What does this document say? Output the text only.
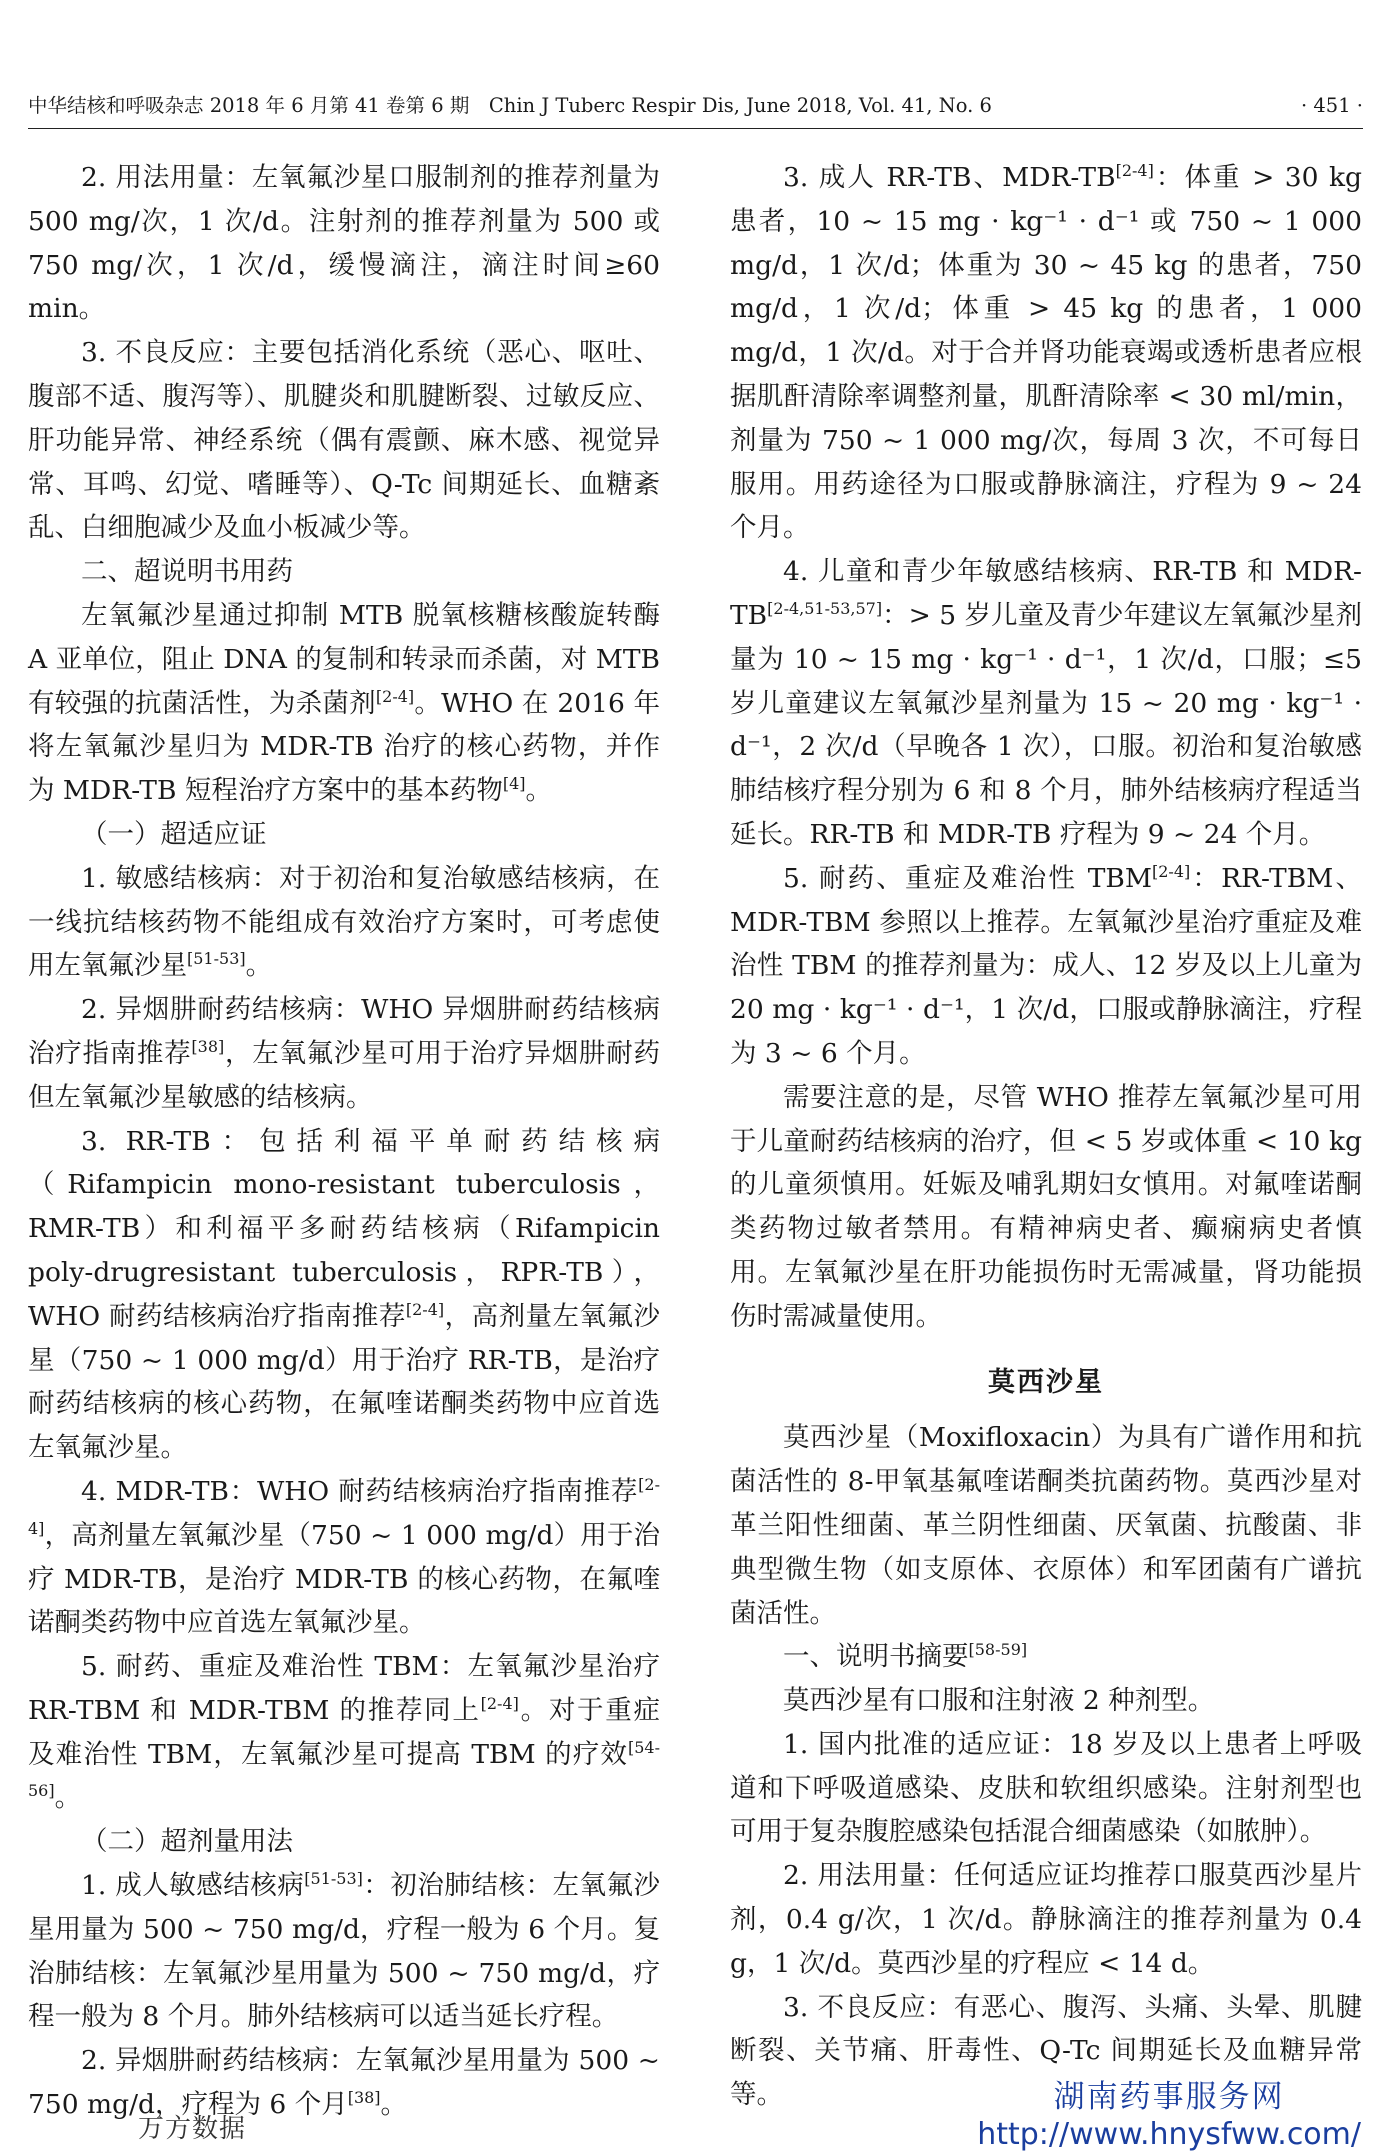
中华结核和呼吸杂志 2018 年 6 月第 41 卷第 6 期　Chin J Tuberc Respir Dis, June 2018, Vol. 41, No. 6	· 451 ·

2. 用法用量：左氧氟沙星口服制剂的推荐剂量为 500 mg/次，1 次/d。注射剂的推荐剂量为 500 或 750 mg/次，1 次/d，缓慢滴注，滴注时间≥60 min。

3. 不良反应：主要包括消化系统（恶心、呕吐、腹部不适、腹泻等）、肌腱炎和肌腱断裂、过敏反应、肝功能异常、神经系统（偶有震颤、麻木感、视觉异常、耳鸣、幻觉、嗜睡等）、Q-Tc 间期延长、血糖紊乱、白细胞减少及血小板减少等。

二、超说明书用药

左氧氟沙星通过抑制 MTB 脱氧核糖核酸旋转酶 A 亚单位，阻止 DNA 的复制和转录而杀菌，对 MTB 有较强的抗菌活性，为杀菌剂[2-4]。WHO 在 2016 年将左氧氟沙星归为 MDR-TB 治疗的核心药物，并作为 MDR-TB 短程治疗方案中的基本药物[4]。

（一）超适应证

1. 敏感结核病：对于初治和复治敏感结核病，在一线抗结核药物不能组成有效治疗方案时，可考虑使用左氧氟沙星[51-53]。

2. 异烟肼耐药结核病：WHO 异烟肼耐药结核病治疗指南推荐[38]，左氧氟沙星可用于治疗异烟肼耐药但左氧氟沙星敏感的结核病。

3. RR-TB：包括利福平单耐药结核病（Rifampicin mono-resistant tuberculosis，RMR-TB）和利福平多耐药结核病（Rifampicin poly-drugresistant tuberculosis，RPR-TB），WHO 耐药结核病治疗指南推荐[2-4]，高剂量左氧氟沙星（750 ~ 1 000 mg/d）用于治疗 RR-TB，是治疗耐药结核病的核心药物，在氟喹诺酮类药物中应首选左氧氟沙星。

4. MDR-TB：WHO 耐药结核病治疗指南推荐[2-4]，高剂量左氧氟沙星（750 ~ 1 000 mg/d）用于治疗 MDR-TB，是治疗 MDR-TB 的核心药物，在氟喹诺酮类药物中应首选左氧氟沙星。

5. 耐药、重症及难治性 TBM：左氧氟沙星治疗 RR-TBM 和 MDR-TBM 的推荐同上[2-4]。对于重症及难治性 TBM，左氧氟沙星可提高 TBM 的疗效[54-56]。

（二）超剂量用法

1. 成人敏感结核病[51-53]：初治肺结核：左氧氟沙星用量为 500 ~ 750 mg/d，疗程一般为 6 个月。复治肺结核：左氧氟沙星用量为 500 ~ 750 mg/d，疗程一般为 8 个月。肺外结核病可以适当延长疗程。

2. 异烟肼耐药结核病：左氧氟沙星用量为 500 ~ 750 mg/d，疗程为 6 个月[38]。

3. 成人 RR-TB、MDR-TB[2-4]：体重 > 30 kg 患者，10 ~ 15 mg · kg⁻¹ · d⁻¹ 或 750 ~ 1 000 mg/d，1 次/d；体重为 30 ~ 45 kg 的患者，750 mg/d，1 次/d；体重 > 45 kg 的患者，1 000 mg/d，1 次/d。对于合并肾功能衰竭或透析患者应根据肌酐清除率调整剂量，肌酐清除率 < 30 ml/min，剂量为 750 ~ 1 000 mg/次，每周 3 次，不可每日服用。用药途径为口服或静脉滴注，疗程为 9 ~ 24 个月。

4. 儿童和青少年敏感结核病、RR-TB 和 MDR-TB[2-4,51-53,57]：> 5 岁儿童及青少年建议左氧氟沙星剂量为 10 ~ 15 mg · kg⁻¹ · d⁻¹，1 次/d，口服；≤5 岁儿童建议左氧氟沙星剂量为 15 ~ 20 mg · kg⁻¹ · d⁻¹，2 次/d（早晚各 1 次），口服。初治和复治敏感肺结核疗程分别为 6 和 8 个月，肺外结核病疗程适当延长。RR-TB 和 MDR-TB 疗程为 9 ~ 24 个月。

5. 耐药、重症及难治性 TBM[2-4]：RR-TBM、MDR-TBM 参照以上推荐。左氧氟沙星治疗重症及难治性 TBM 的推荐剂量为：成人、12 岁及以上儿童为 20 mg · kg⁻¹ · d⁻¹，1 次/d，口服或静脉滴注，疗程为 3 ~ 6 个月。

需要注意的是，尽管 WHO 推荐左氧氟沙星可用于儿童耐药结核病的治疗，但 < 5 岁或体重 < 10 kg 的儿童须慎用。妊娠及哺乳期妇女慎用。对氟喹诺酮类药物过敏者禁用。有精神病史者、癫痫病史者慎用。左氧氟沙星在肝功能损伤时无需减量，肾功能损伤时需减量使用。

莫西沙星

莫西沙星（Moxifloxacin）为具有广谱作用和抗菌活性的 8-甲氧基氟喹诺酮类抗菌药物。莫西沙星对革兰阳性细菌、革兰阴性细菌、厌氧菌、抗酸菌、非典型微生物（如支原体、衣原体）和军团菌有广谱抗菌活性。

一、说明书摘要[58-59]

莫西沙星有口服和注射液 2 种剂型。

1. 国内批准的适应证：18 岁及以上患者上呼吸道和下呼吸道感染、皮肤和软组织感染。注射剂型也可用于复杂腹腔感染包括混合细菌感染（如脓肿）。

2. 用法用量：任何适应证均推荐口服莫西沙星片剂，0.4 g/次，1 次/d。静脉滴注的推荐剂量为 0.4 g，1 次/d。莫西沙星的疗程应 < 14 d。

3. 不良反应：有恶心、腹泻、头痛、头晕、肌腱断裂、关节痛、肝毒性、Q-Tc 间期延长及血糖异常等。

万方数据
湖南药事服务网
http://www.hnysfww.com/
